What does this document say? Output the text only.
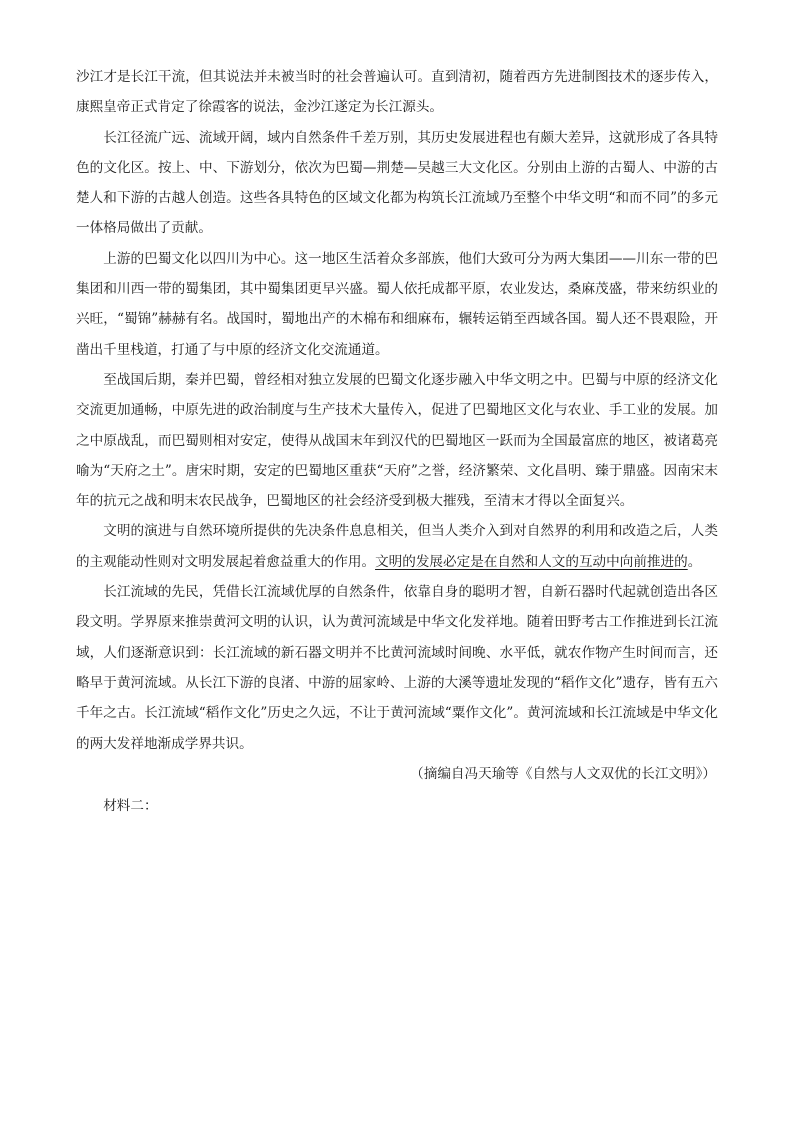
沙江才是长江干流，但其说法并未被当时的社会普遍认可。直到清初，随着西方先进制图技术的逐步传入，康熙皇帝正式肯定了徐霞客的说法，金沙江遂定为长江源头。

长江径流广远、流域开阔，域内自然条件千差万别，其历史发展进程也有颇大差异，这就形成了各具特色的文化区。按上、中、下游划分，依次为巴蜀—荆楚—吴越三大文化区。分别由上游的古蜀人、中游的古楚人和下游的古越人创造。这些各具特色的区域文化都为构筑长江流域乃至整个中华文明“和而不同”的多元一体格局做出了贡献。

上游的巴蜀文化以四川为中心。这一地区生活着众多部族，他们大致可分为两大集团——川东一带的巴集团和川西一带的蜀集团，其中蜀集团更早兴盛。蜀人依托成都平原，农业发达，桑麻茂盛，带来纺织业的兴旺，“蜀锦”赫赫有名。战国时，蜀地出产的木棉布和细麻布，辗转运销至西域各国。蜀人还不畏艰险，开凿出千里栈道，打通了与中原的经济文化交流通道。

至战国后期，秦并巴蜀，曾经相对独立发展的巴蜀文化逐步融入中华文明之中。巴蜀与中原的经济文化交流更加通畅，中原先进的政治制度与生产技术大量传入，促进了巴蜀地区文化与农业、手工业的发展。加之中原战乱，而巴蜀则相对安定，使得从战国末年到汉代的巴蜀地区一跃而为全国最富庶的地区，被诸葛亮喻为“天府之土”。唐宋时期，安定的巴蜀地区重获“天府”之誉，经济繁荣、文化昌明、臻于鼎盛。因南宋末年的抗元之战和明末农民战争，巴蜀地区的社会经济受到极大摧残，至清末才得以全面复兴。

文明的演进与自然环境所提供的先决条件息息相关，但当人类介入到对自然界的利用和改造之后，人类的主观能动性则对文明发展起着愈益重大的作用。文明的发展必定是在自然和人文的互动中向前推进的。

长江流域的先民，凭借长江流域优厚的自然条件，依靠自身的聪明才智，自新石器时代起就创造出各区段文明。学界原来推崇黄河文明的认识，认为黄河流域是中华文化发祥地。随着田野考古工作推进到长江流域，人们逐渐意识到：长江流域的新石器文明并不比黄河流域时间晚、水平低，就农作物产生时间而言，还略早于黄河流域。从长江下游的良渚、中游的屈家岭、上游的大溪等遗址发现的“稻作文化”遗存，皆有五六千年之古。长江流域“稻作文化”历史之久远，不让于黄河流域“粟作文化”。黄河流域和长江流域是中华文化的两大发祥地渐成学界共识。

（摘编自冯天瑜等《自然与人文双优的长江文明》）

材料二：
